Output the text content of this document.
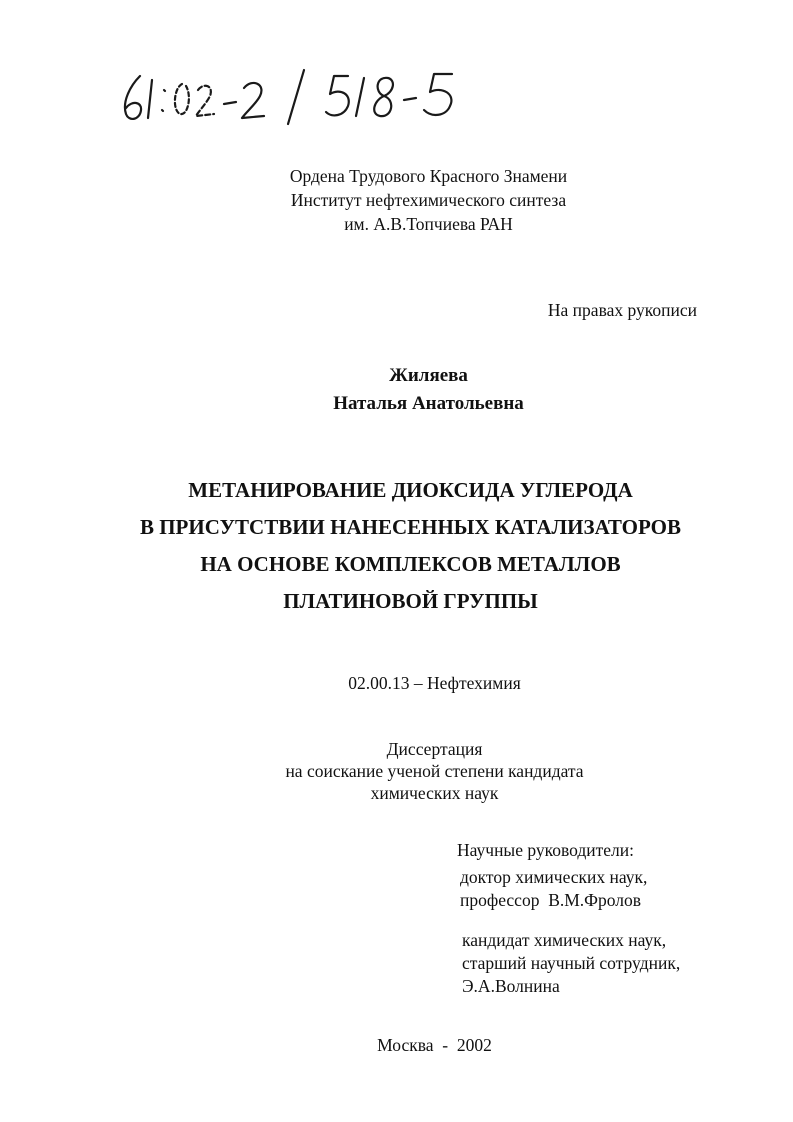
Ордена Трудового Красного Знамени
Институт нефтехимического синтеза
им. А.В.Топчиева РАН
На правах рукописи
Жиляева
Наталья Анатольевна
МЕТАНИРОВАНИЕ ДИОКСИДА УГЛЕРОДА
В ПРИСУТСТВИИ НАНЕСЕННЫХ КАТАЛИЗАТОРОВ
НА ОСНОВЕ КОМПЛЕКСОВ МЕТАЛЛОВ
ПЛАТИНОВОЙ ГРУППЫ
02.00.13 – Нефтехимия
Диссертация
на соискание ученой степени кандидата
химических наук
Научные руководители:
доктор химических наук,
профессор  В.М.Фролов
кандидат химических наук,
старший научный сотрудник,
Э.А.Волнина
Москва - 2002
